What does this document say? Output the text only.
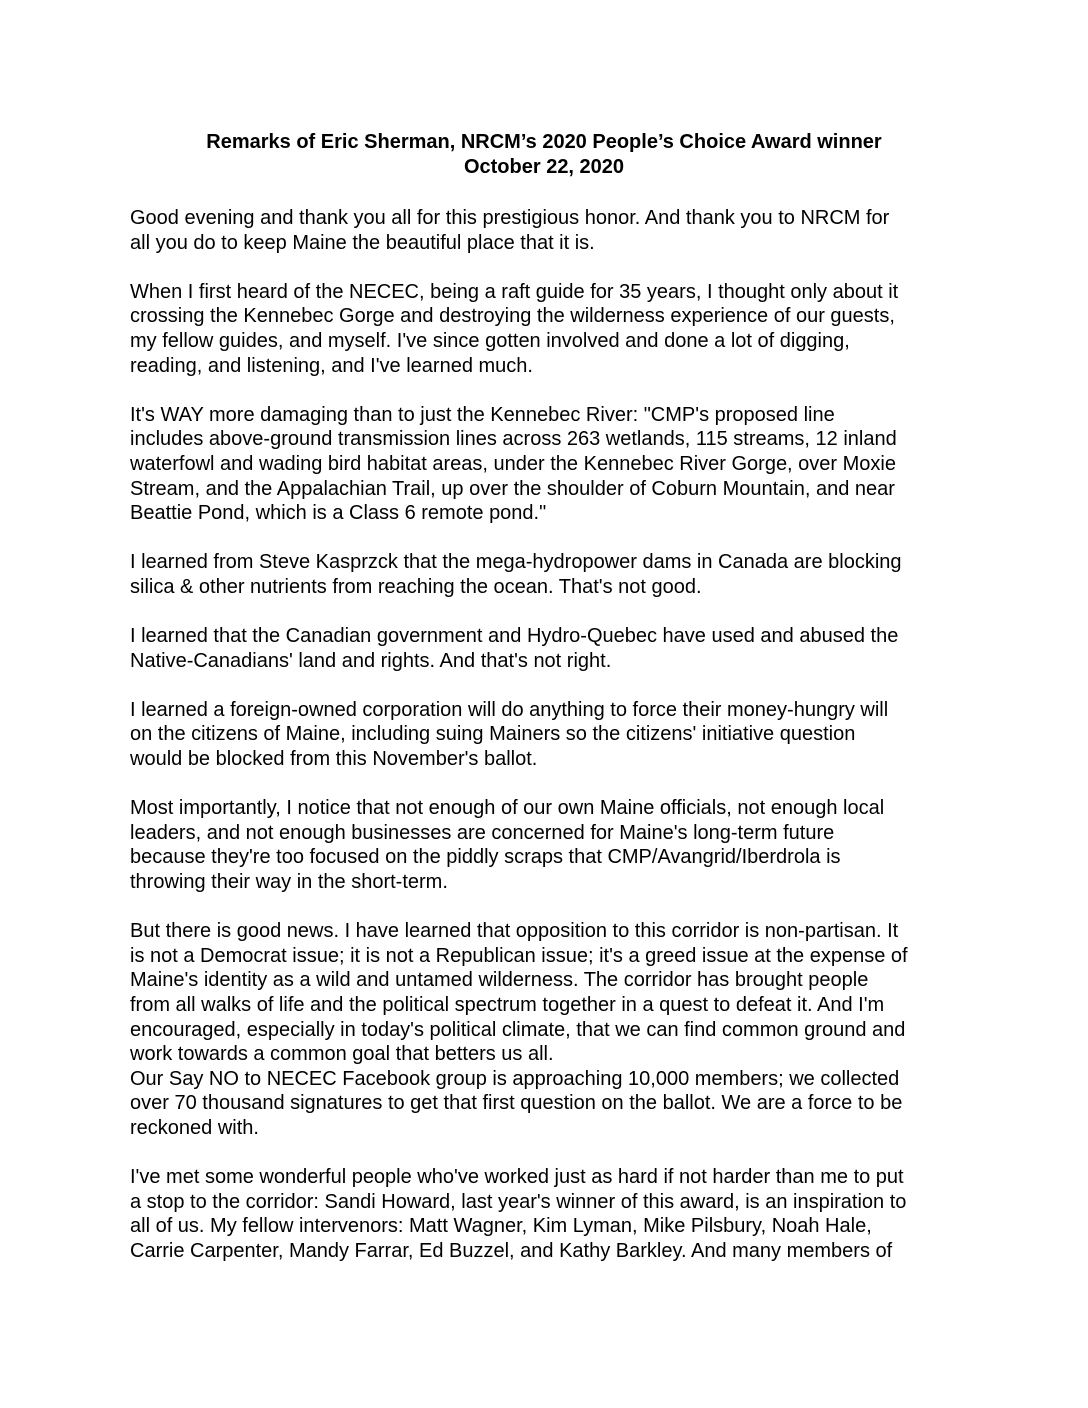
Remarks of Eric Sherman, NRCM’s 2020 People’s Choice Award winner
October 22, 2020

Good evening and thank you all for this prestigious honor. And thank you to NRCM for
all you do to keep Maine the beautiful place that it is.

When I first heard of the NECEC, being a raft guide for 35 years, I thought only about it
crossing the Kennebec Gorge and destroying the wilderness experience of our guests,
my fellow guides, and myself. I've since gotten involved and done a lot of digging,
reading, and listening, and I've learned much.

It's WAY more damaging than to just the Kennebec River: "CMP's proposed line
includes above-ground transmission lines across 263 wetlands, 115 streams, 12 inland
waterfowl and wading bird habitat areas, under the Kennebec River Gorge, over Moxie
Stream, and the Appalachian Trail, up over the shoulder of Coburn Mountain, and near
Beattie Pond, which is a Class 6 remote pond."

I learned from Steve Kasprzck that the mega-hydropower dams in Canada are blocking
silica & other nutrients from reaching the ocean. That's not good.

I learned that the Canadian government and Hydro-Quebec have used and abused the
Native-Canadians' land and rights. And that's not right.

I learned a foreign-owned corporation will do anything to force their money-hungry will
on the citizens of Maine, including suing Mainers so the citizens' initiative question
would be blocked from this November's ballot.

Most importantly, I notice that not enough of our own Maine officials, not enough local
leaders, and not enough businesses are concerned for Maine's long-term future
because they're too focused on the piddly scraps that CMP/Avangrid/Iberdrola is
throwing their way in the short-term.

But there is good news. I have learned that opposition to this corridor is non-partisan. It
is not a Democrat issue; it is not a Republican issue; it's a greed issue at the expense of
Maine's identity as a wild and untamed wilderness. The corridor has brought people
from all walks of life and the political spectrum together in a quest to defeat it. And I'm
encouraged, especially in today's political climate, that we can find common ground and
work towards a common goal that betters us all.

Our Say NO to NECEC Facebook group is approaching 10,000 members; we collected
over 70 thousand signatures to get that first question on the ballot. We are a force to be
reckoned with.

I've met some wonderful people who've worked just as hard if not harder than me to put
a stop to the corridor: Sandi Howard, last year's winner of this award, is an inspiration to
all of us. My fellow intervenors: Matt Wagner, Kim Lyman, Mike Pilsbury, Noah Hale,
Carrie Carpenter, Mandy Farrar, Ed Buzzel, and Kathy Barkley. And many members of
